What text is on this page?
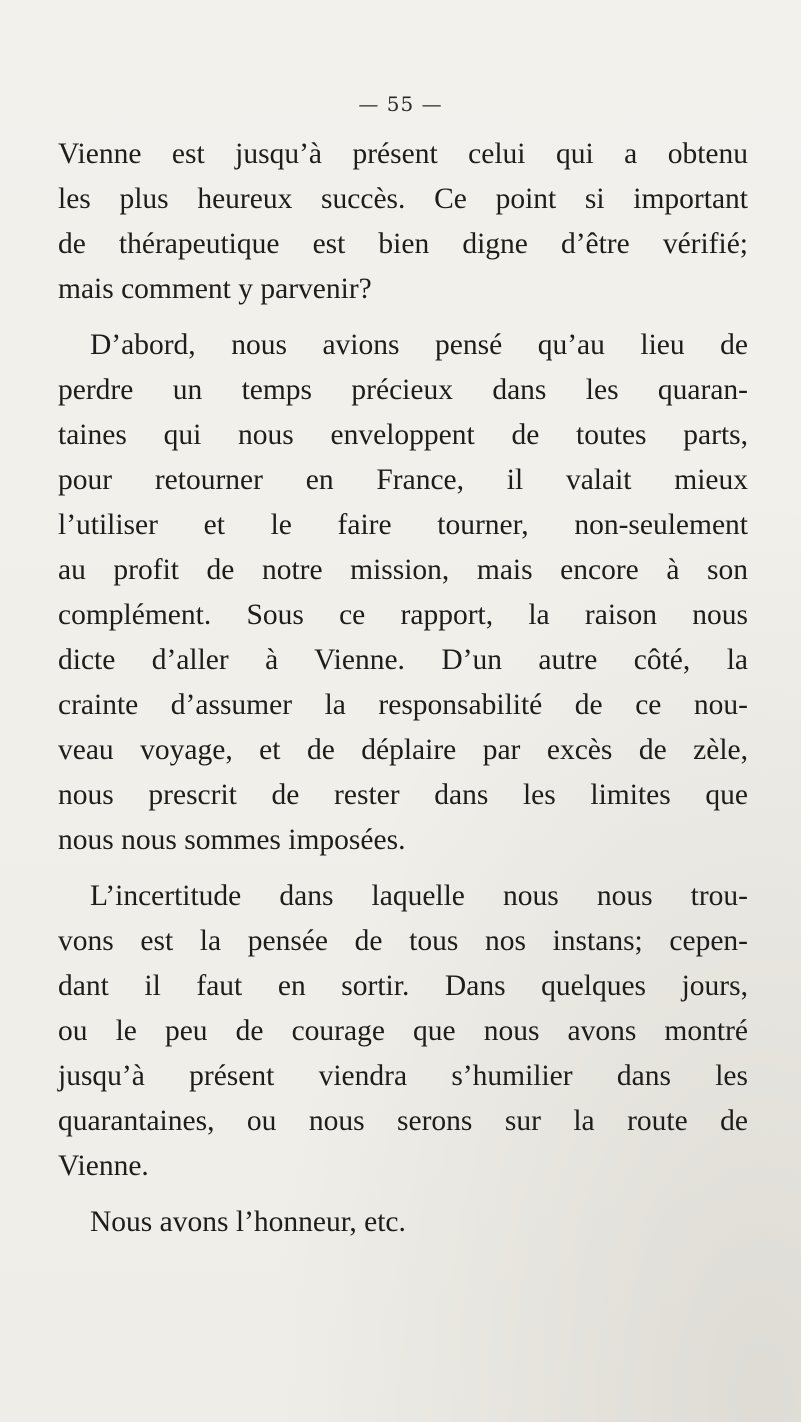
— 55 —
Vienne est jusqu’à présent celui qui a obtenu
les plus heureux succès. Ce point si important
de thérapeutique est bien digne d’être vérifié;
mais comment y parvenir?
D’abord, nous avions pensé qu’au lieu de
perdre un temps précieux dans les quaran-
taines qui nous enveloppent de toutes parts,
pour retourner en France, il valait mieux
l’utiliser et le faire tourner, non-seulement
au profit de notre mission, mais encore à son
complément. Sous ce rapport, la raison nous
dicte d’aller à Vienne. D’un autre côté, la
crainte d’assumer la responsabilité de ce nou-
veau voyage, et de déplaire par excès de zèle,
nous prescrit de rester dans les limites que
nous nous sommes imposées.
L’incertitude dans laquelle nous nous trou-
vons est la pensée de tous nos instans; cepen-
dant il faut en sortir. Dans quelques jours,
ou le peu de courage que nous avons montré
jusqu’à présent viendra s’humilier dans les
quarantaines, ou nous serons sur la route de
Vienne.
Nous avons l’honneur, etc.
